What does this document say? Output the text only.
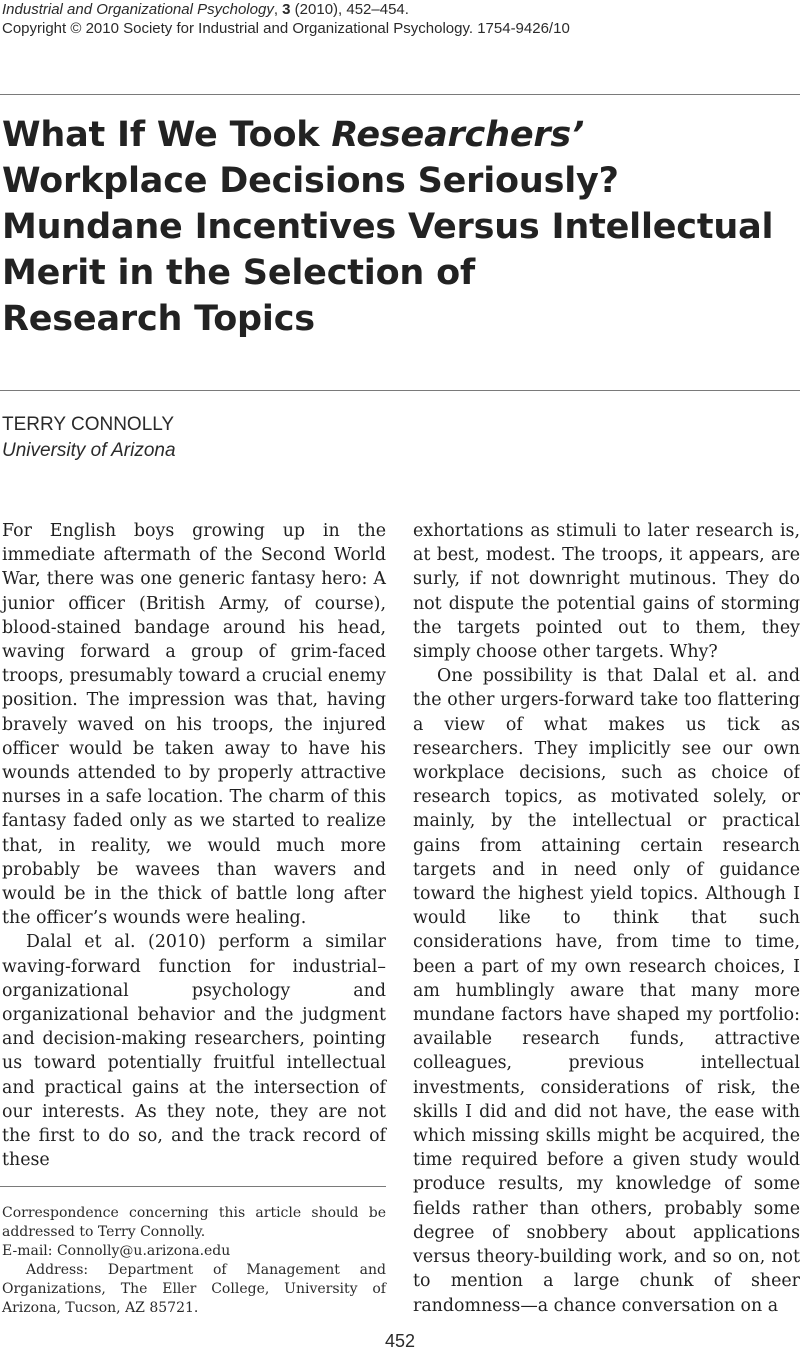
Industrial and Organizational Psychology, 3 (2010), 452–454.
Copyright © 2010 Society for Industrial and Organizational Psychology. 1754-9426/10
What If We Took Researchers’
Workplace Decisions Seriously?
Mundane Incentives Versus Intellectual
Merit in the Selection of
Research Topics
TERRY CONNOLLY
University of Arizona

For English boys growing up in the immediate aftermath of the Second World War, there was one generic fantasy hero: A junior officer (British Army, of course), blood-stained bandage around his head, waving forward a group of grim-faced troops, presumably toward a crucial enemy position. The impression was that, having bravely waved on his troops, the injured officer would be taken away to have his wounds attended to by properly attractive nurses in a safe location. The charm of this fantasy faded only as we started to realize that, in reality, we would much more probably be wavees than wavers and would be in the thick of battle long after the officer’s wounds were healing.

Dalal et al. (2010) perform a similar waving-forward function for industrial–organizational psychology and organizational behavior and the judgment and decision-making researchers, pointing us toward potentially fruitful intellectual and practical gains at the intersection of our interests. As they note, they are not the first to do so, and the track record of these

exhortations as stimuli to later research is, at best, modest. The troops, it appears, are surly, if not downright mutinous. They do not dispute the potential gains of storming the targets pointed out to them, they simply choose other targets. Why?

One possibility is that Dalal et al. and the other urgers-forward take too flattering a view of what makes us tick as researchers. They implicitly see our own workplace decisions, such as choice of research topics, as motivated solely, or mainly, by the intellectual or practical gains from attaining certain research targets and in need only of guidance toward the highest yield topics. Although I would like to think that such considerations have, from time to time, been a part of my own research choices, I am humblingly aware that many more mundane factors have shaped my portfolio: available research funds, attractive colleagues, previous intellectual investments, considerations of risk, the skills I did and did not have, the ease with which missing skills might be acquired, the time required before a given study would produce results, my knowledge of some fields rather than others, probably some degree of snobbery about applications versus theory-building work, and so on, not to mention a large chunk of sheer randomness—a chance conversation on a

Correspondence concerning this article should be addressed to Terry Connolly.

E-mail: Connolly@u.arizona.edu

Address: Department of Management and Organizations, The Eller College, University of Arizona, Tucson, AZ 85721.

452
